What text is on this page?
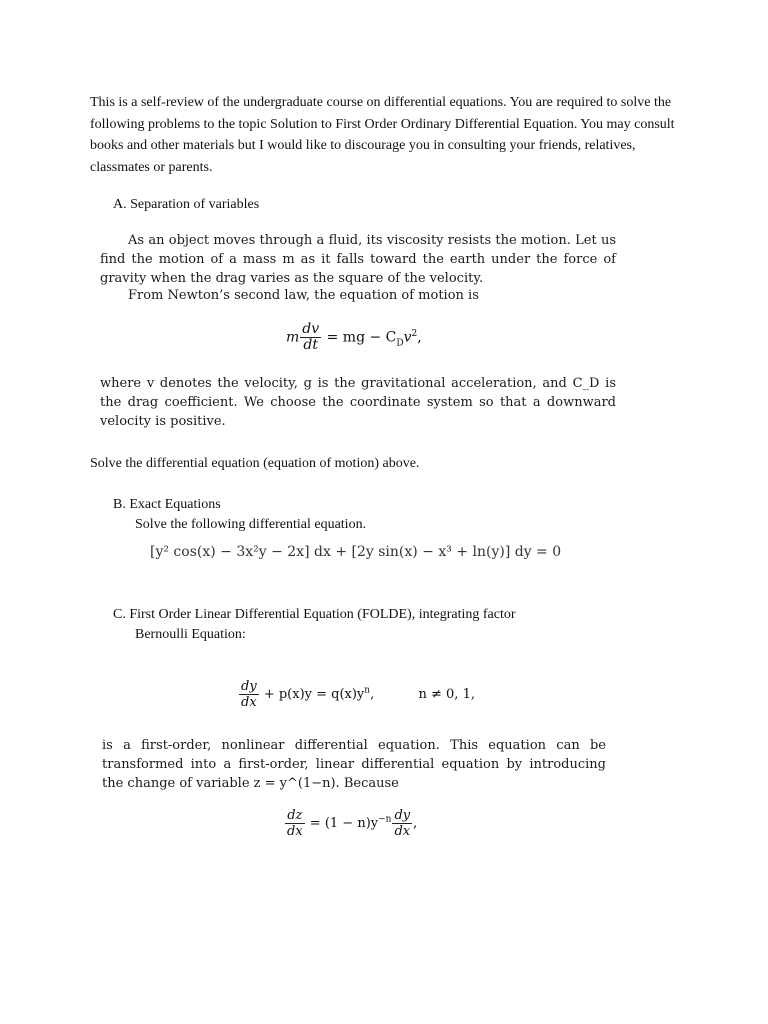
This is a self-review of the undergraduate course on differential equations. You are required to solve the following problems to the topic Solution to First Order Ordinary Differential Equation. You may consult books and other materials but I would like to discourage you in consulting your friends, relatives, classmates or parents.

A. Separation of variables
As an object moves through a fluid, its viscosity resists the motion. Let us find the motion of a mass m as it falls toward the earth under the force of gravity when the drag varies as the square of the velocity.
From Newton’s second law, the equation of motion is
m $\frac{dv}{dt}$ = mg − $C_Dv^2$,
where v denotes the velocity, g is the gravitational acceleration, and C_D is the drag coefficient. We choose the coordinate system so that a downward velocity is positive.
Solve the differential equation (equation of motion) above.
B. Exact Equations
Solve the following differential equation.
[y² cos(x) − 3x²y − 2x] dx + [2y sin(x) − x³ + ln(y)] dy = 0
C. First Order Linear Differential Equation (FOLDE), integrating factor
Bernoulli Equation:
$\frac{dy}{dx} + p(x)y = q(x)y^n$,	n ≠ 0, 1,
is a first-order, nonlinear differential equation. This equation can be transformed into a first-order, linear differential equation by introducing the change of variable z = y^(1−n). Because
$\frac{dz}{dx} = (1 - n)y^{-n} \frac{dy}{dx}$ ,
